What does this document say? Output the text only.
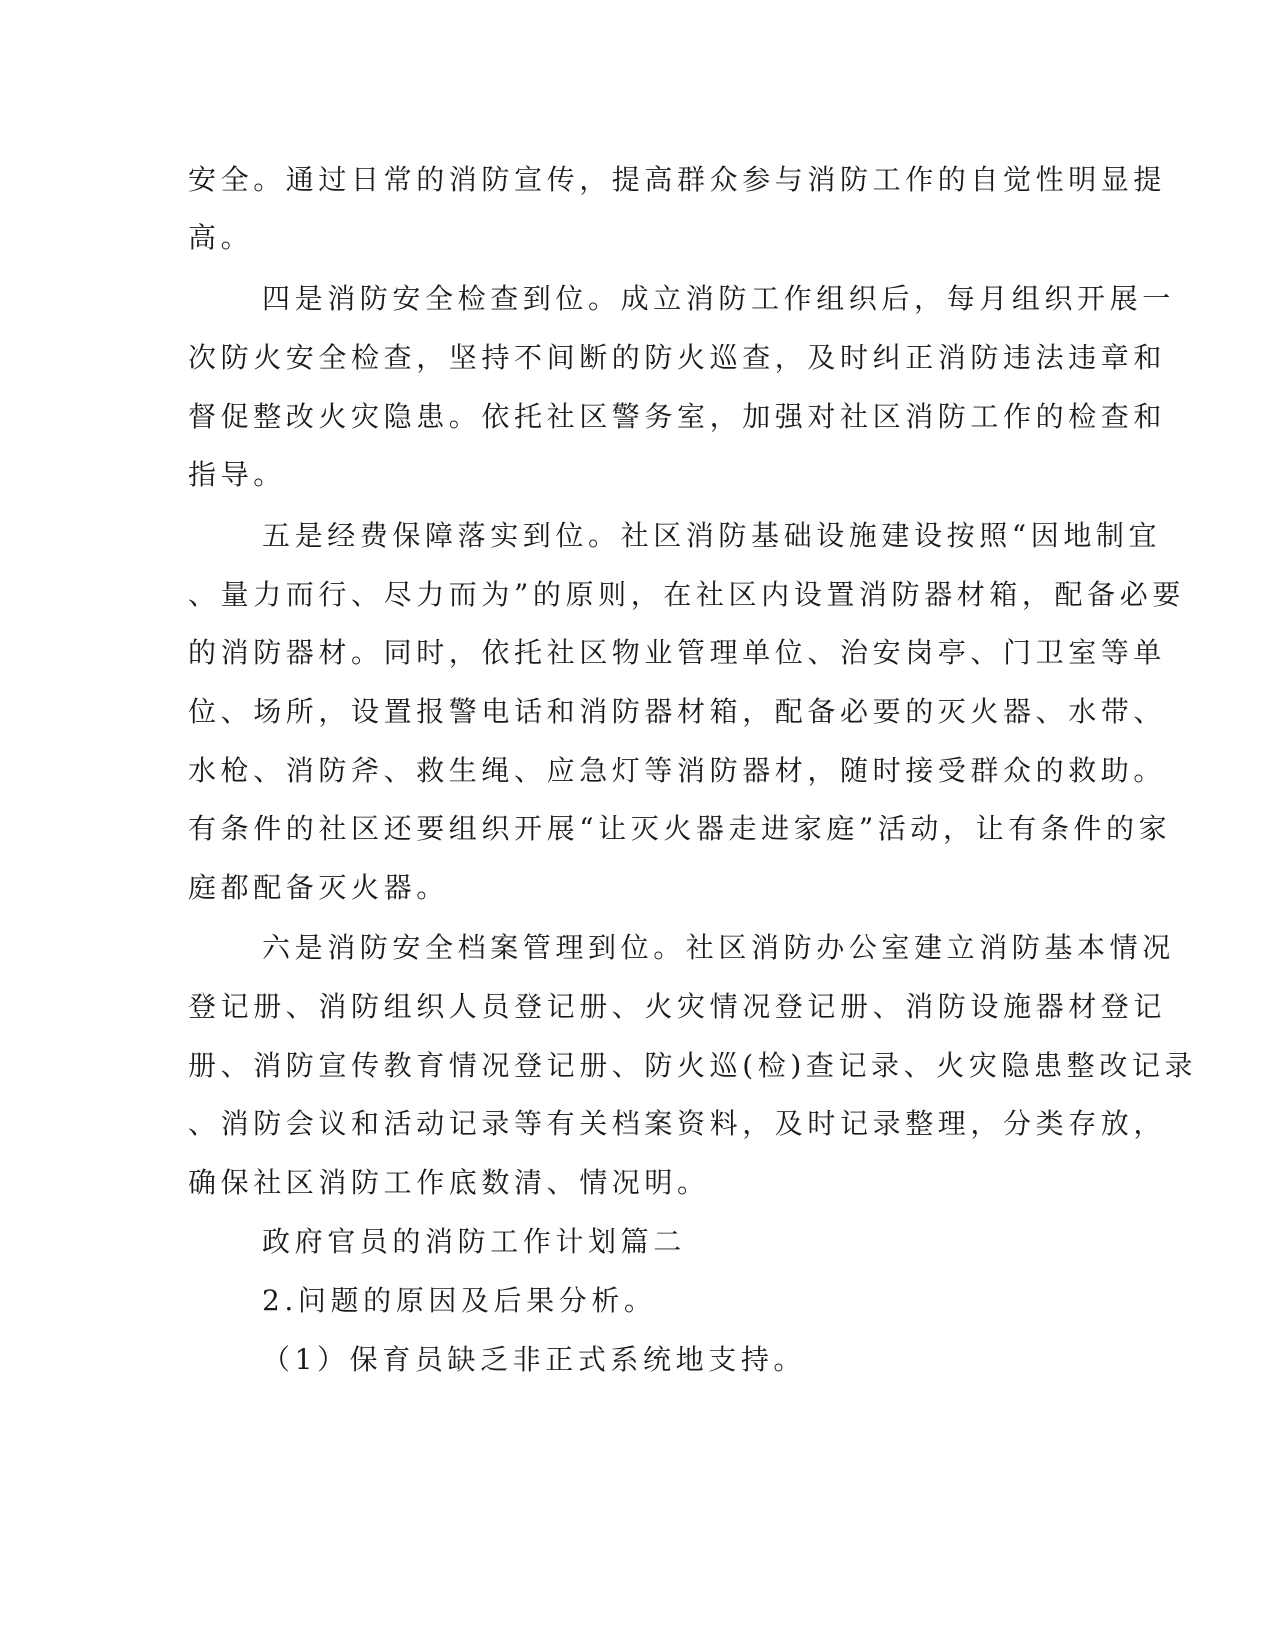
安全。通过日常的消防宣传，提高群众参与消防工作的自觉性明显提
高。
四是消防安全检查到位。成立消防工作组织后，每月组织开展一
次防火安全检查，坚持不间断的防火巡查，及时纠正消防违法违章和
督促整改火灾隐患。依托社区警务室，加强对社区消防工作的检查和
指导。
五是经费保障落实到位。社区消防基础设施建设按照“因地制宜
、量力而行、尽力而为”的原则，在社区内设置消防器材箱，配备必要
的消防器材。同时，依托社区物业管理单位、治安岗亭、门卫室等单
位、场所，设置报警电话和消防器材箱，配备必要的灭火器、水带、
水枪、消防斧、救生绳、应急灯等消防器材，随时接受群众的救助。
有条件的社区还要组织开展“让灭火器走进家庭”活动，让有条件的家
庭都配备灭火器。
六是消防安全档案管理到位。社区消防办公室建立消防基本情况
登记册、消防组织人员登记册、火灾情况登记册、消防设施器材登记
册、消防宣传教育情况登记册、防火巡(检)查记录、火灾隐患整改记录
、消防会议和活动记录等有关档案资料，及时记录整理，分类存放，
确保社区消防工作底数清、情况明。
政府官员的消防工作计划篇二
2.问题的原因及后果分析。
（1）保育员缺乏非正式系统地支持。
